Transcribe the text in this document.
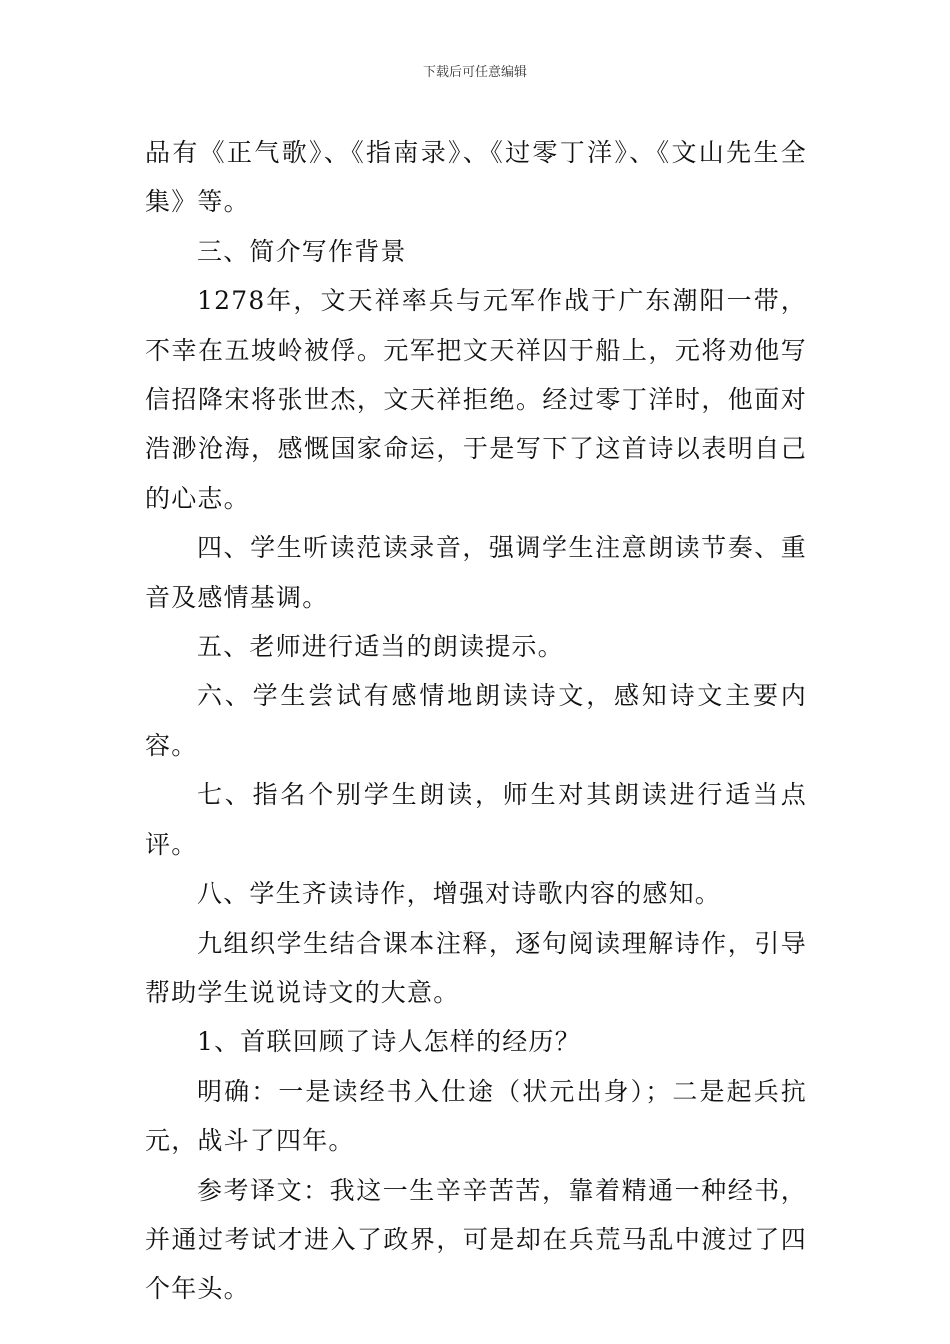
下载后可任意编辑

品有《正气歌》、《指南录》、《过零丁洋》、《文山先生全集》等。

三、简介写作背景

1278年，文天祥率兵与元军作战于广东潮阳一带，不幸在五坡岭被俘。元军把文天祥囚于船上，元将劝他写信招降宋将张世杰，文天祥拒绝。经过零丁洋时，他面对浩渺沧海，感慨国家命运，于是写下了这首诗以表明自己的心志。

四、学生听读范读录音，强调学生注意朗读节奏、重音及感情基调。

五、老师进行适当的朗读提示。

六、学生尝试有感情地朗读诗文，感知诗文主要内容。

七、指名个别学生朗读，师生对其朗读进行适当点评。

八、学生齐读诗作，增强对诗歌内容的感知。

九组织学生结合课本注释，逐句阅读理解诗作，引导帮助学生说说诗文的大意。

1、首联回顾了诗人怎样的经历？

明确：一是读经书入仕途（状元出身）；二是起兵抗元，战斗了四年。

参考译文：我这一生辛辛苦苦，靠着精通一种经书，并通过考试才进入了政界，可是却在兵荒马乱中渡过了四个年头。
